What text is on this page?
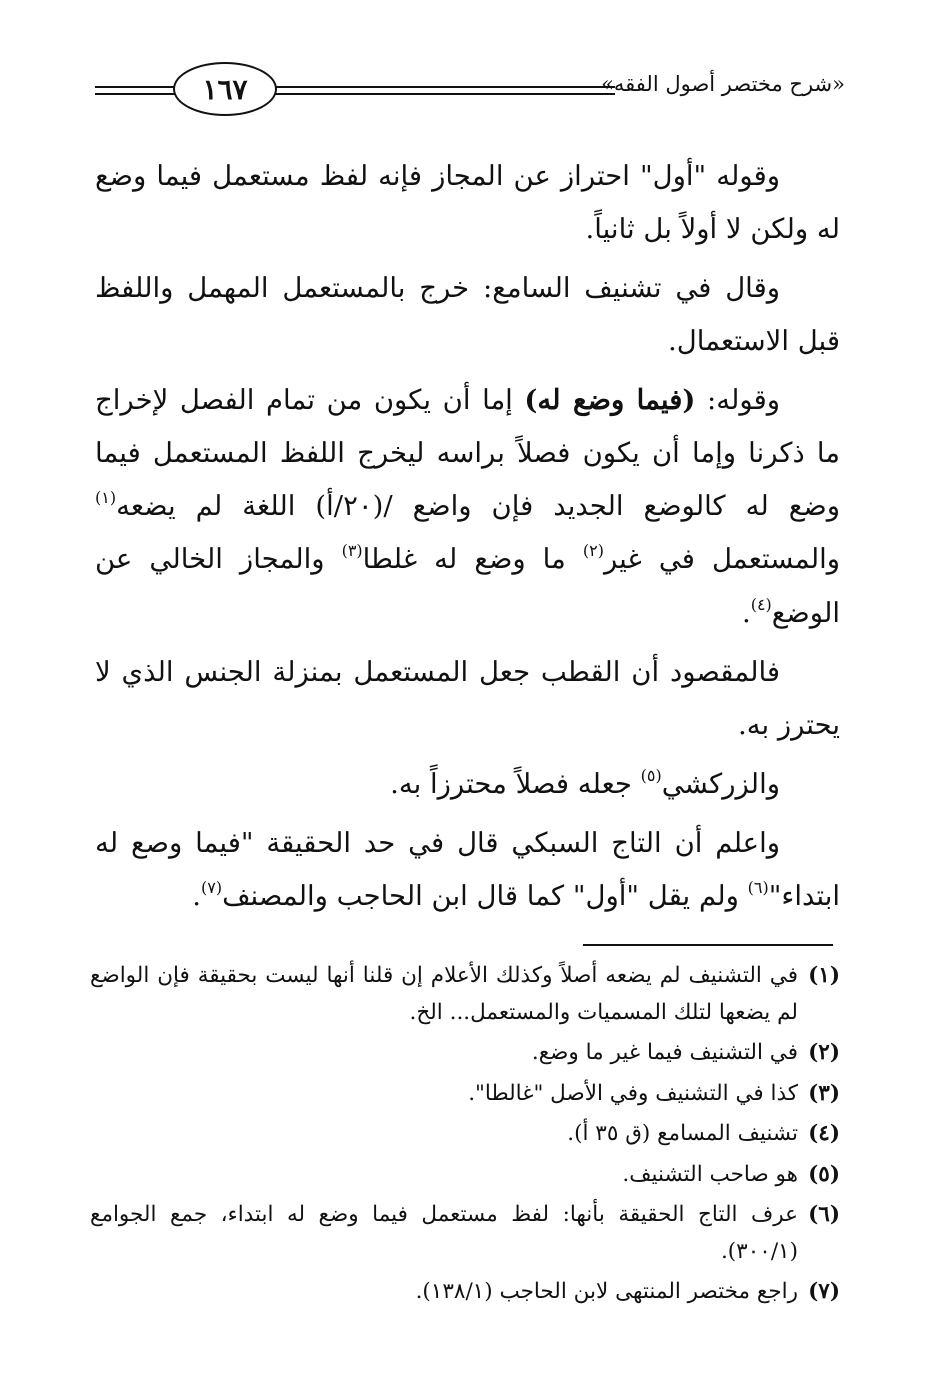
١٦٧	«شرح مختصر أصول الفقه»

وقوله "أول" احتراز عن المجاز فإنه لفظ مستعمل فيما وضع له ولكن لا أولاً بل ثانياً.

وقال في تشنيف السامع: خرج بالمستعمل المهمل واللفظ قبل الاستعمال.

وقوله: (فيما وضع له) إما أن يكون من تمام الفصل لإخراج ما ذكرنا وإما أن يكون فصلاً براسه ليخرج اللفظ المستعمل فيما وضع له كالوضع الجديد فإن واضع /(٢٠/أ) اللغة لم يضعه$^{(١)}$ والمستعمل في غير$^{(٢)}$ ما وضع له غلطا$^{(٣)}$ والمجاز الخالي عن الوضع$^{(٤)}$.

فالمقصود أن القطب جعل المستعمل بمنزلة الجنس الذي لا يحترز به.

والزركشي$^{(٥)}$ جعله فصلاً محترزاً به.

واعلم أن التاج السبكي قال في حد الحقيقة "فيما وصع له ابتداء"$^{(٦)}$ ولم يقل "أول" كما قال ابن الحاجب والمصنف$^{(٧)}$.

(١)
في التشنيف لم يضعه أصلاً وكذلك الأعلام إن قلنا أنها ليست بحقيقة فإن الواضع لم يضعها لتلك المسميات والمستعمل... الخ.
(٢)
في التشنيف فيما غير ما وضع.
(٣)
كذا في التشنيف وفي الأصل "غالطا".
(٤)
تشنيف المسامع (ق ٣٥ أ).
(٥)
هو صاحب التشنيف.
(٦)
عرف التاج الحقيقة بأنها: لفظ مستعمل فيما وضع له ابتداء، جمع الجوامع (٣٠٠/١).
(٧)
راجع مختصر المنتهى لابن الحاجب (١٣٨/١).
